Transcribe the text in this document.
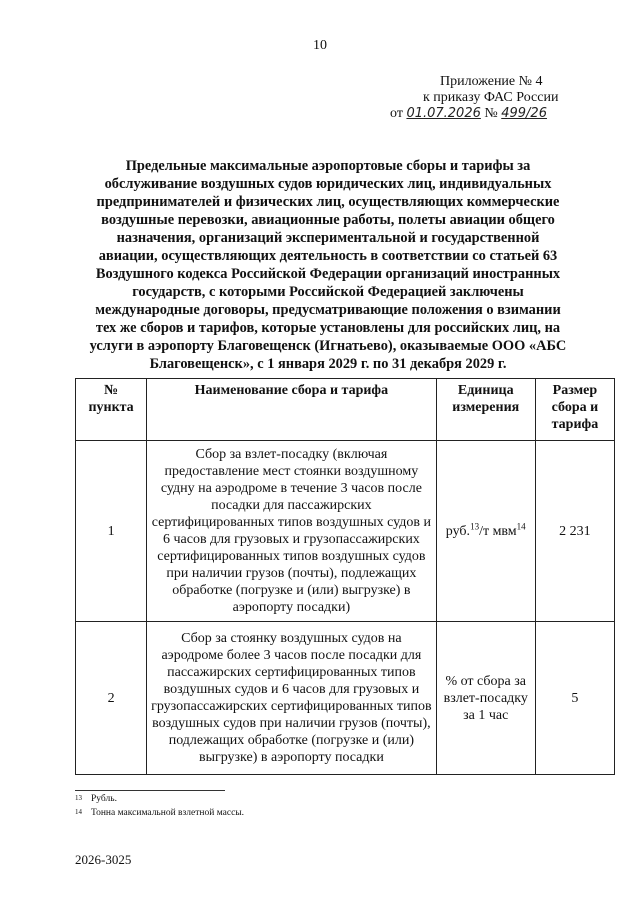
10
Приложение № 4
к приказу ФАС России
от 01.07.2026 № 499/26
Предельные максимальные аэропортовые сборы и тарифы за обслуживание воздушных судов юридических лиц, индивидуальных предпринимателей и физических лиц, осуществляющих коммерческие воздушные перевозки, авиационные работы, полеты авиации общего назначения, организаций экспериментальной и государственной авиации, осуществляющих деятельность в соответствии со статьей 63 Воздушного кодекса Российской Федерации организаций иностранных государств, с которыми Российской Федерацией заключены международные договоры, предусматривающие положения о взимании тех же сборов и тарифов, которые установлены для российских лиц, на услуги в аэропорту Благовещенск (Игнатьево), оказываемые ООО «АБС Благовещенск», с 1 января 2029 г. по 31 декабря 2029 г.
№ пункта	Наименование сбора и тарифа	Единица измерения	Размер сбора и тарифа
1	Сбор за взлет-посадку (включая предоставление мест стоянки воздушному судну на аэродроме в течение 3 часов после посадки для пассажирских сертифицированных типов воздушных судов и 6 часов для грузовых и грузопассажирских сертифицированных типов воздушных судов при наличии грузов (почты), подлежащих обработке (погрузке и (или) выгрузке) в аэропорту посадки)	руб.$^{13}$/т мвм$^{14}$	2 231
2	Сбор за стоянку воздушных судов на аэродроме более 3 часов после посадки для пассажирских сертифицированных типов воздушных судов и 6 часов для грузовых и грузопассажирских сертифицированных типов воздушных судов при наличии грузов (почты), подлежащих обработке (погрузке и (или) выгрузке) в аэропорту посадки	% от сбора за взлет-посадку за 1 час	5
13 Рубль.
14 Тонна максимальной взлетной массы.
2026-3025
